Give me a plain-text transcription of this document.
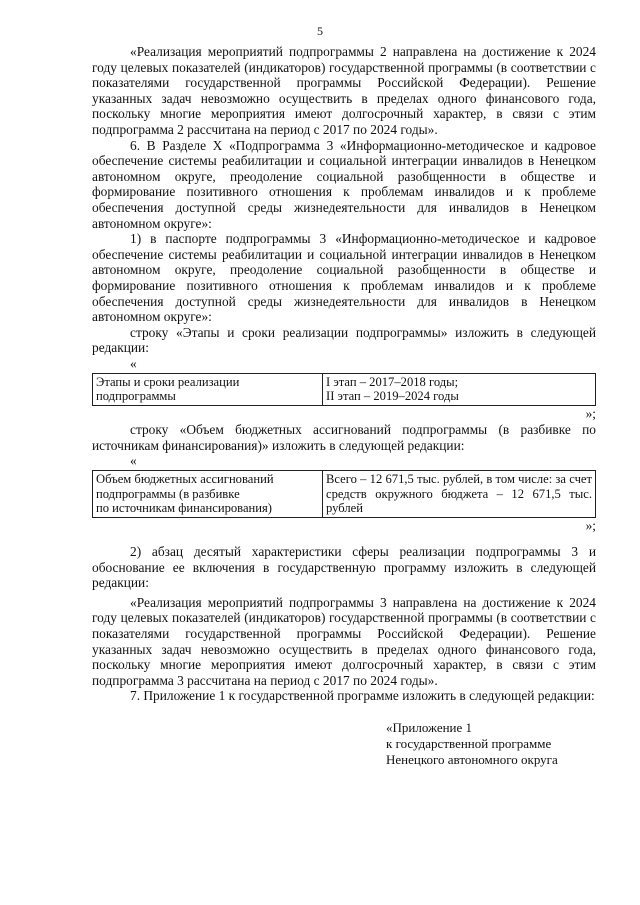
5

«Реализация мероприятий подпрограммы 2 направлена на достижение к 2024 году целевых показателей (индикаторов) государственной программы (в соответствии с показателями государственной программы Российской Федерации). Решение указанных задач невозможно осуществить в пределах одного финансового года, поскольку многие мероприятия имеют долгосрочный характер, в связи с этим подпрограмма 2 рассчитана на период с 2017 по 2024 годы».

6. В Разделе X «Подпрограмма 3 «Информационно-методическое и кадровое обеспечение системы реабилитации и социальной интеграции инвалидов в Ненецком автономном округе, преодоление социальной разобщенности в обществе и формирование позитивного отношения к проблемам инвалидов и к проблеме обеспечения доступной среды жизнедеятельности для инвалидов в Ненецком автономном округе»:

1) в паспорте подпрограммы 3 «Информационно-методическое и кадровое обеспечение системы реабилитации и социальной интеграции инвалидов в Ненецком автономном округе, преодоление социальной разобщенности в обществе и формирование позитивного отношения к проблемам инвалидов и к проблеме обеспечения доступной среды жизнедеятельности для инвалидов в Ненецком автономном округе»:

строку «Этапы и сроки реализации подпрограммы» изложить в следующей редакции:

«
Этапы и сроки реализации
подпрограммы

I этап – 2017–2018 годы;
II этап – 2019–2024 годы
»;

строку «Объем бюджетных ассигнований подпрограммы (в разбивке по источникам финансирования)» изложить в следующей редакции:

«
Объем бюджетных ассигнований
подпрограммы (в разбивке
по источникам финансирования)

Всего – 12 671,5 тыс. рублей, в том числе: за счет средств окружного бюджета – 12 671,5 тыс. рублей

»;

2) абзац десятый характеристики сферы реализации подпрограммы 3 и обоснование ее включения в государственную программу изложить в следующей редакции:

«Реализация мероприятий подпрограммы 3 направлена на достижение к 2024 году целевых показателей (индикаторов) государственной программы (в соответствии с показателями государственной программы Российской Федерации). Решение указанных задач невозможно осуществить в пределах одного финансового года, поскольку многие мероприятия имеют долгосрочный характер, в связи с этим подпрограмма 3 рассчитана на период с 2017 по 2024 годы».

7. Приложение 1 к государственной программе изложить в следующей редакции:

«Приложение 1

к государственной программе

Ненецкого автономного округа
